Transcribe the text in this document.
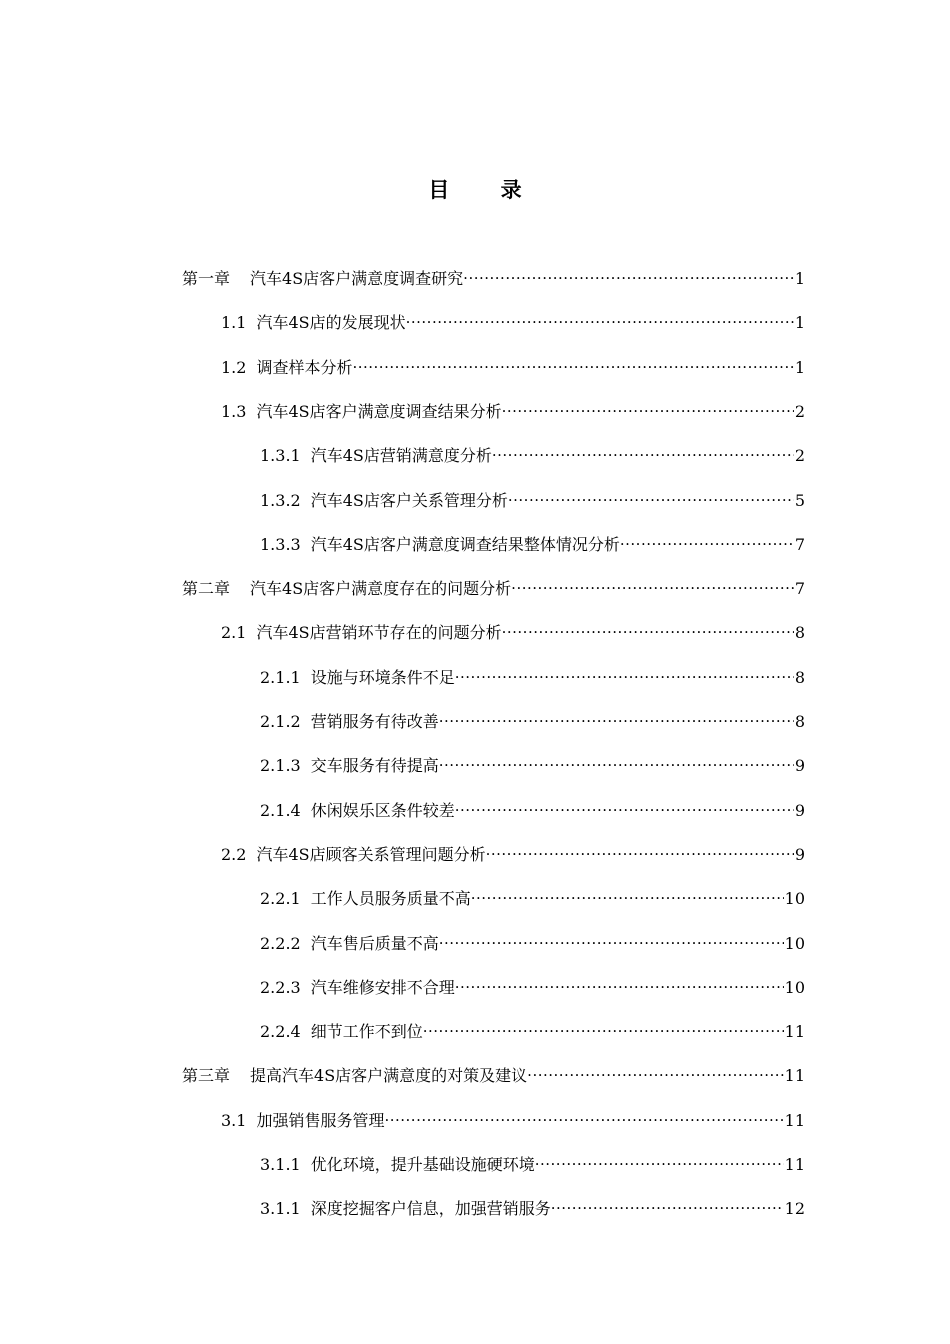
目 录
第一章 汽车4S店客户满意度调查研究 .....	1
1.1 汽车4S店的发展现状 .....	1
1.2 调查样本分析 .....	1
1.3 汽车4S店客户满意度调查结果分析 .....	2
1.3.1 汽车4S店营销满意度分析 .....	2
1.3.2 汽车4S店客户关系管理分析 .....	5
1.3.3 汽车4S店客户满意度调查结果整体情况分析 .....	7
第二章 汽车4S店客户满意度存在的问题分析 .....	7
2.1 汽车4S店营销环节存在的问题分析 .....	8
2.1.1 设施与环境条件不足 .....	8
2.1.2 营销服务有待改善 .....	8
2.1.3 交车服务有待提高 .....	9
2.1.4 休闲娱乐区条件较差 .....	9
2.2 汽车4S店顾客关系管理问题分析 .....	9
2.2.1 工作人员服务质量不高 .....	10
2.2.2 汽车售后质量不高 .....	10
2.2.3 汽车维修安排不合理 .....	10
2.2.4 细节工作不到位 .....	11
第三章 提高汽车4S店客户满意度的对策及建议 .....	11
3.1 加强销售服务管理 .....	11
3.1.1 优化环境，提升基础设施硬环境 .....	11
3.1.1 深度挖掘客户信息，加强营销服务 .....	12
